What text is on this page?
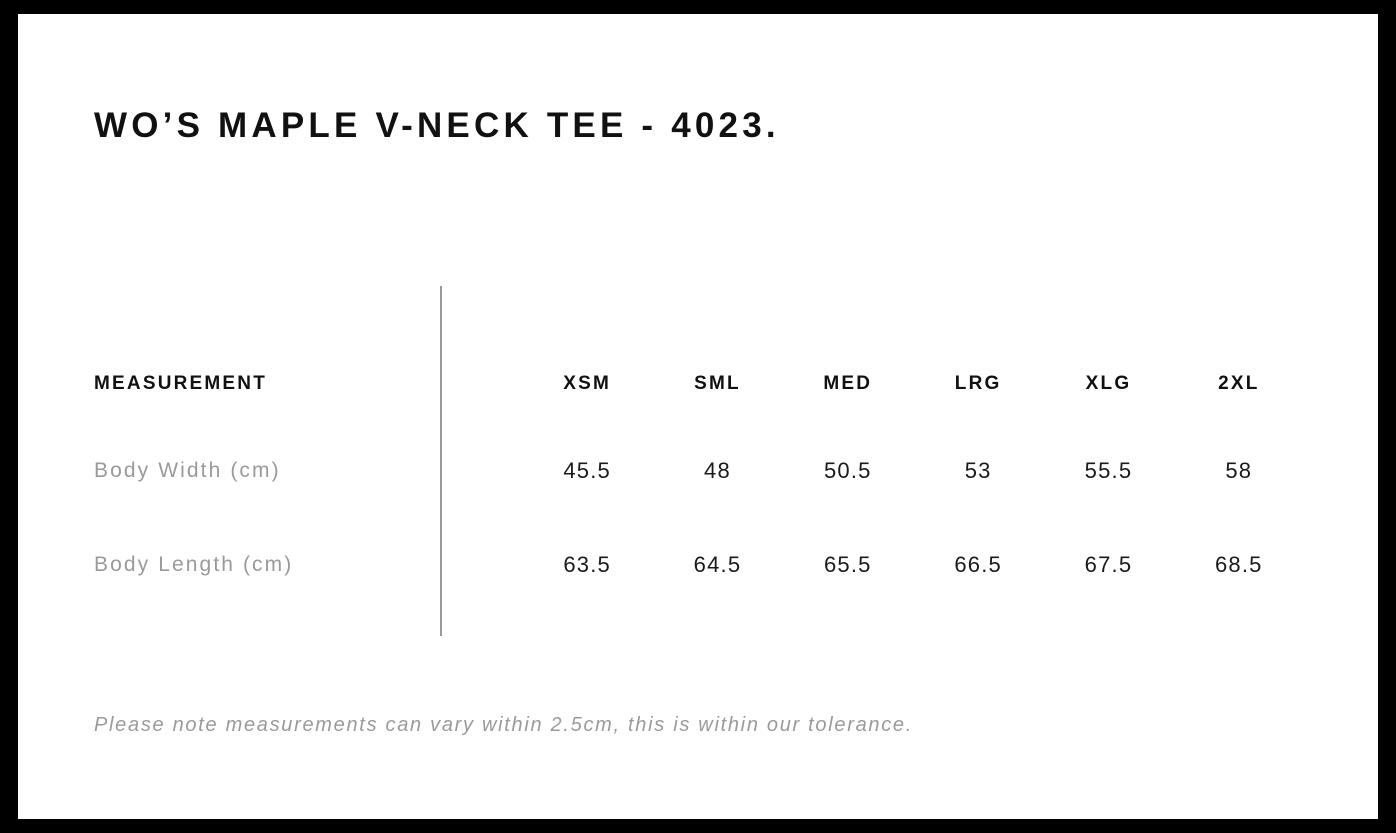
WO’S MAPLE V-NECK TEE - 4023.
MEASUREMENT	XSM	SML	MED	LRG	XLG	2XL
Body Width (cm)	45.5	48	50.5	53	55.5	58
Body Length (cm)	63.5	64.5	65.5	66.5	67.5	68.5
Please note measurements can vary within 2.5cm, this is within our tolerance.
